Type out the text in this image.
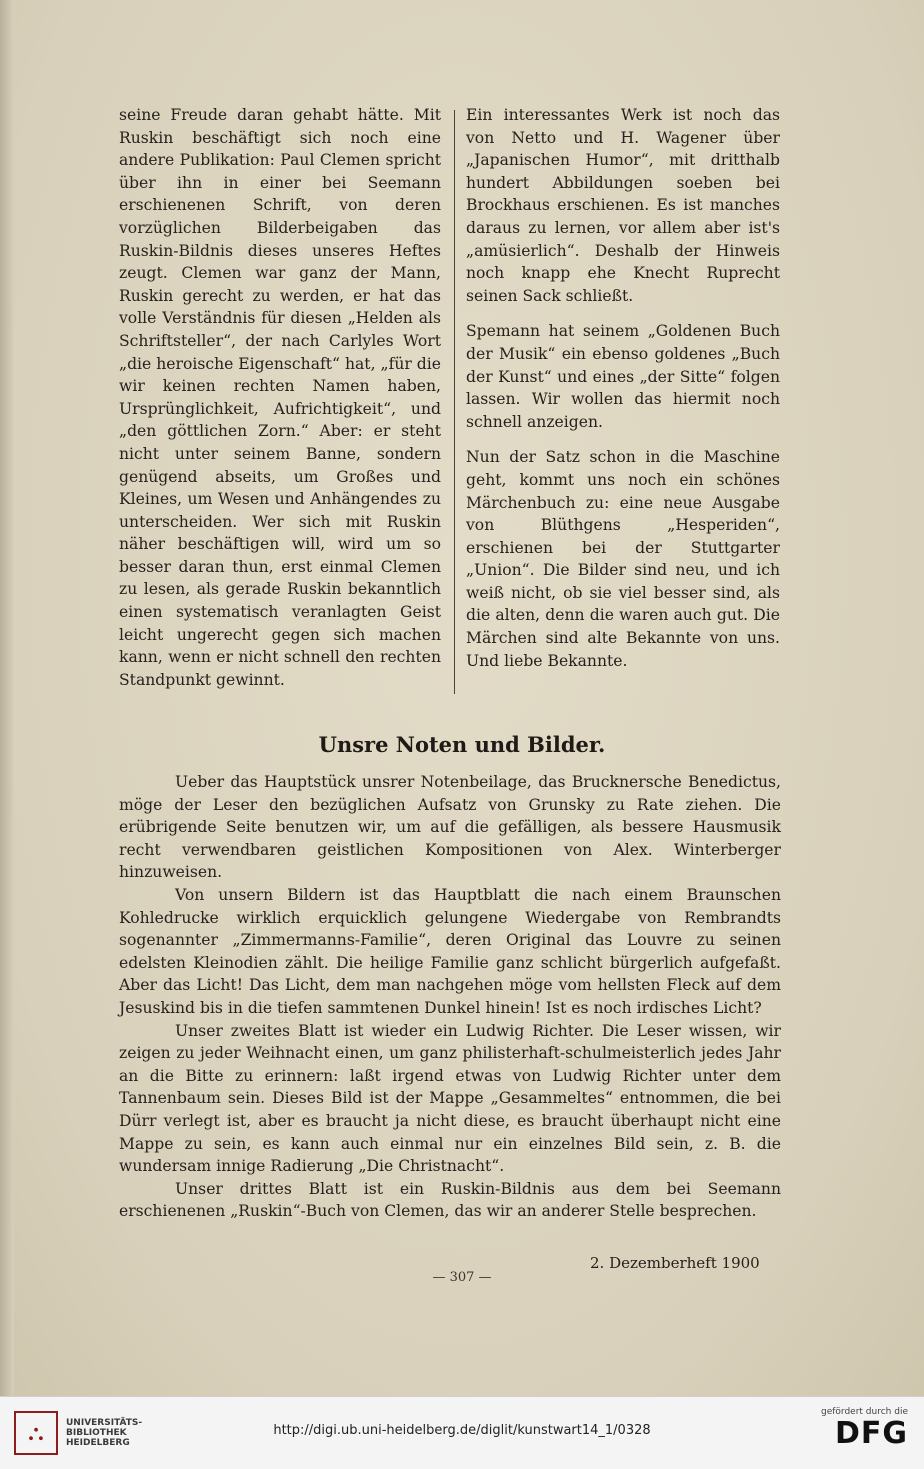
seine Freude daran gehabt hätte. Mit Ruskin beschäftigt sich noch eine andere Publikation: Paul Clemen spricht über ihn in einer bei Seemann erschienenen Schrift, von deren vorzüglichen Bilderbeigaben das Ruskin-Bildnis dieses unseres Heftes zeugt. Clemen war ganz der Mann, Ruskin gerecht zu werden, er hat das volle Verständnis für diesen „Helden als Schriftsteller“, der nach Carlyles Wort „die heroische Eigenschaft“ hat, „für die wir keinen rechten Namen haben, Ursprünglichkeit, Aufrichtigkeit“, und „den göttlichen Zorn.“ Aber: er steht nicht unter seinem Banne, sondern genügend abseits, um Großes und Kleines, um Wesen und Anhängendes zu unterscheiden. Wer sich mit Ruskin näher beschäftigen will, wird um so besser daran thun, erst einmal Clemen zu lesen, als gerade Ruskin bekanntlich einen systematisch veranlagten Geist leicht ungerecht gegen sich machen kann, wenn er nicht schnell den rechten Standpunkt gewinnt.

Ein interessantes Werk ist noch das von Netto und H. Wagener über „Japanischen Humor“, mit dritthalb hundert Abbildungen soeben bei Brockhaus erschienen. Es ist manches daraus zu lernen, vor allem aber ist's „amüsierlich“. Deshalb der Hinweis noch knapp ehe Knecht Ruprecht seinen Sack schließt.

Spemann hat seinem „Goldenen Buch der Musik“ ein ebenso goldenes „Buch der Kunst“ und eines „der Sitte“ folgen lassen. Wir wollen das hiermit noch schnell anzeigen.

Nun der Satz schon in die Maschine geht, kommt uns noch ein schönes Märchenbuch zu: eine neue Ausgabe von Blüthgens „Hesperiden“, erschienen bei der Stuttgarter „Union“. Die Bilder sind neu, und ich weiß nicht, ob sie viel besser sind, als die alten, denn die waren auch gut. Die Märchen sind alte Bekannte von uns. Und liebe Bekannte.

Unsre Noten und Bilder.

Ueber das Hauptstück unsrer Notenbeilage, das Brucknersche Benedictus, möge der Leser den bezüglichen Aufsatz von Grunsky zu Rate ziehen. Die erübrigende Seite benutzen wir, um auf die gefälligen, als bessere Hausmusik recht verwendbaren geistlichen Kompositionen von Alex. Winterberger hinzuweisen.

Von unsern Bildern ist das Hauptblatt die nach einem Braunschen Kohledrucke wirklich erquicklich gelungene Wiedergabe von Rembrandts sogenannter „Zimmermanns-Familie“, deren Original das Louvre zu seinen edelsten Kleinodien zählt. Die heilige Familie ganz schlicht bürgerlich aufgefaßt. Aber das Licht! Das Licht, dem man nachgehen möge vom hellsten Fleck auf dem Jesuskind bis in die tiefen sammtenen Dunkel hinein! Ist es noch irdisches Licht?

Unser zweites Blatt ist wieder ein Ludwig Richter. Die Leser wissen, wir zeigen zu jeder Weihnacht einen, um ganz philisterhaft-schulmeisterlich jedes Jahr an die Bitte zu erinnern: laßt irgend etwas von Ludwig Richter unter dem Tannenbaum sein. Dieses Bild ist der Mappe „Gesammeltes“ entnommen, die bei Dürr verlegt ist, aber es braucht ja nicht diese, es braucht überhaupt nicht eine Mappe zu sein, es kann auch einmal nur ein einzelnes Bild sein, z. B. die wundersam innige Radierung „Die Christnacht“.

Unser drittes Blatt ist ein Ruskin-Bildnis aus dem bei Seemann erschienenen „Ruskin“-Buch von Clemen, das wir an anderer Stelle besprechen.

2. Dezemberheft 1900
— 307 —
⛬	UNIVERSITÄTS-
BIBLIOTHEK
HEIDELBERG
http://digi.ub.uni-heidelberg.de/diglit/kunstwart14_1/0328
gefördert durch die
DFG
